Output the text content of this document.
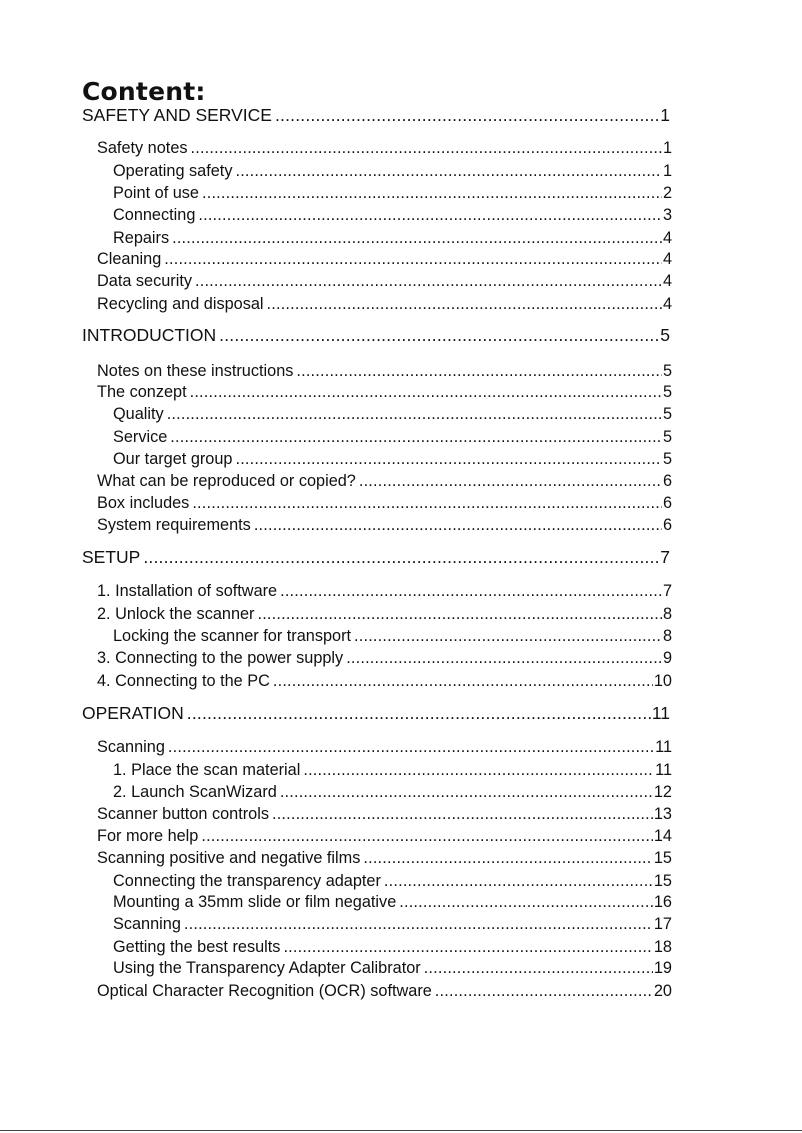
Content:
SAFETY AND SERVICE .....	1
Safety notes .....	1
Operating safety .....	1
Point of use .....	2
Connecting .....	3
Repairs .....	4
Cleaning .....	4
Data security .....	4
Recycling and disposal .....	4
INTRODUCTION .....	5
Notes on these instructions .....	5
The conzept .....	5
Quality .....	5
Service .....	5
Our target group .....	5
What can be reproduced or copied? .....	6
Box includes .....	6
System requirements .....	6
SETUP .....	7
1. Installation of software .....	7
2. Unlock the scanner .....	8
Locking the scanner for transport .....	8
3. Connecting to the power supply .....	9
4. Connecting to the PC .....	10
OPERATION .....	11
Scanning .....	11
1. Place the scan material .....	11
2. Launch ScanWizard .....	12
Scanner button controls .....	13
For more help .....	14
Scanning positive and negative films .....	15
Connecting the transparency adapter .....	15
Mounting a 35mm slide or film negative .....	16
Scanning .....	17
Getting the best results .....	18
Using the Transparency Adapter Calibrator .....	19
Optical Character Recognition (OCR) software .....	20
